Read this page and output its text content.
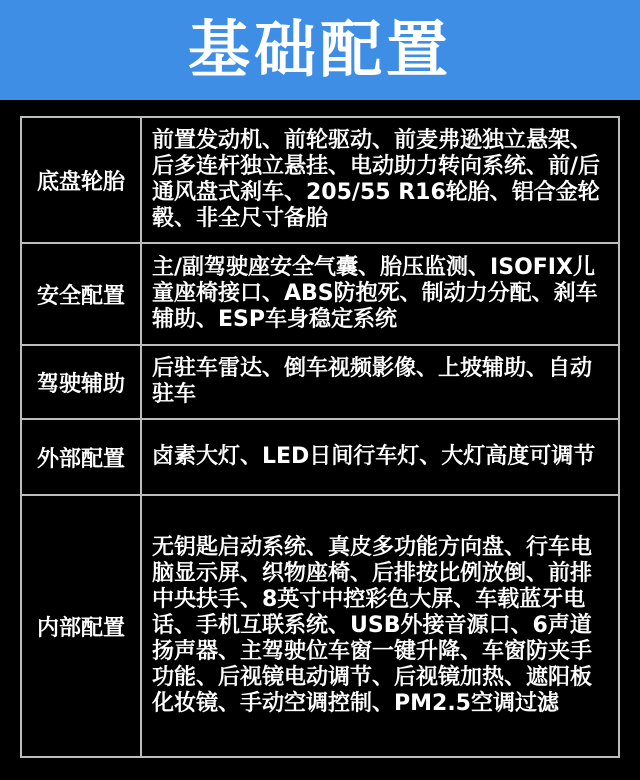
基础配置
底盘轮胎	前置发动机、前轮驱动、前麦弗逊独立悬架、后多连杆独立悬挂、电动助力转向系统、前/后通风盘式刹车、205/55 R16轮胎、铝合金轮毂、非全尺寸备胎
安全配置	主/副驾驶座安全气囊、胎压监测、ISOFIX儿童座椅接口、ABS防抱死、制动力分配、刹车辅助、ESP车身稳定系统
驾驶辅助	后驻车雷达、倒车视频影像、上坡辅助、自动驻车
外部配置	卤素大灯、LED日间行车灯、大灯高度可调节
内部配置	无钥匙启动系统、真皮多功能方向盘、行车电脑显示屏、织物座椅、后排按比例放倒、前排中央扶手、8英寸中控彩色大屏、车载蓝牙电话、手机互联系统、USB外接音源口、6声道扬声器、主驾驶位车窗一键升降、车窗防夹手功能、后视镜电动调节、后视镜加热、遮阳板化妆镜、手动空调控制、PM2.5空调过滤
